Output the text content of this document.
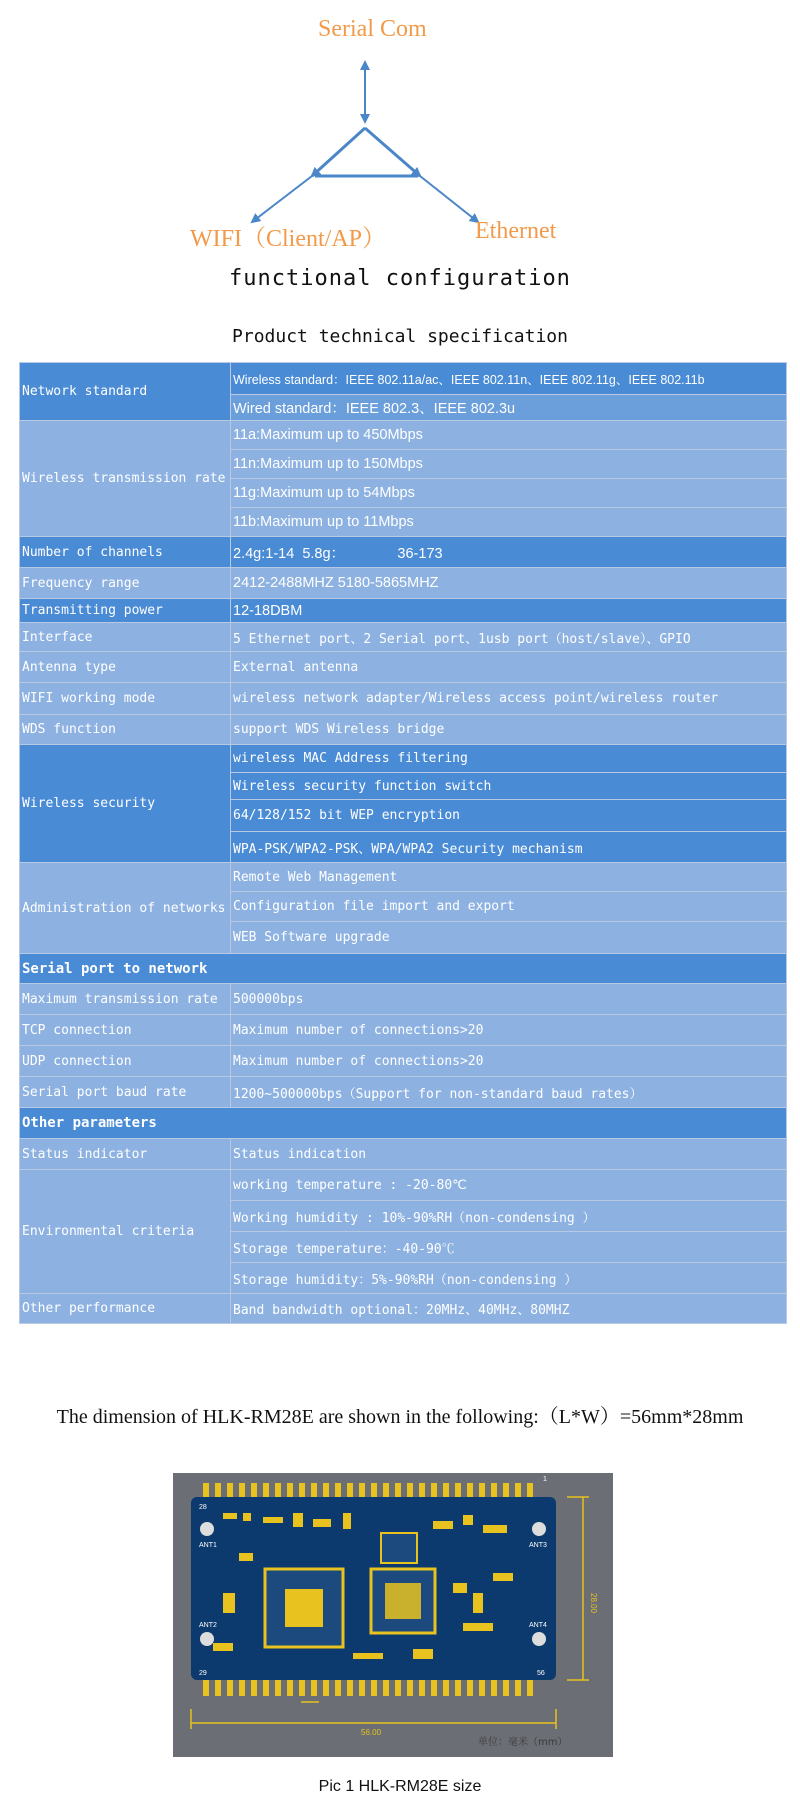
Serial Com
WIFI（Client/AP）	Ethernet
functional configuration
Product technical specification
Network standard	Wireless standard：IEEE 802.11a/ac、IEEE 802.11n、IEEE 802.11g、IEEE 802.11b
	Wired standard：IEEE 802.3、IEEE 802.3u
Wireless transmission rate	11a:Maximum up to 450Mbps
	11n:Maximum up to 150Mbps
	11g:Maximum up to 54Mbps
	11b:Maximum up to 11Mbps
Number of channels	2.4g:1-14  5.8g：             36-173
Frequency range	2412-2488MHZ 5180-5865MHZ
Transmitting power	12-18DBM
Interface	5 Ethernet port、2 Serial port、1usb port（host/slave）、GPIO
Antenna type	External antenna
WIFI working mode	wireless network adapter/Wireless access point/wireless router
WDS function	support WDS Wireless bridge
Wireless security	wireless MAC Address filtering
	Wireless security function switch
	64/128/152 bit WEP encryption
	WPA-PSK/WPA2-PSK、WPA/WPA2 Security mechanism
Administration of networks	Remote Web Management
	Configuration file import and export
	WEB Software upgrade
Serial port to network	
Maximum transmission rate	500000bps
TCP connection	Maximum number of connections>20
UDP connection	Maximum number of connections>20
Serial port baud rate	1200~500000bps（Support for non-standard baud rates）
Other parameters	
Status indicator	Status indication
Environmental criteria	working temperature : -20-80℃
	Working humidity : 10%-90%RH（non-condensing ）
	Storage temperature：-40-90℃
	Storage humidity：5%-90%RH（non-condensing ）
Other performance	Band bandwidth optional：20MHz、40MHz、80MHZ
The dimension of HLK-RM28E are shown in the following:（L*W）=56mm*28mm
28
1
29	56
ANT1
ANT2
ANT3
ANT4
56.00
28.00
单位：毫米（mm）
Pic 1 HLK-RM28E size
